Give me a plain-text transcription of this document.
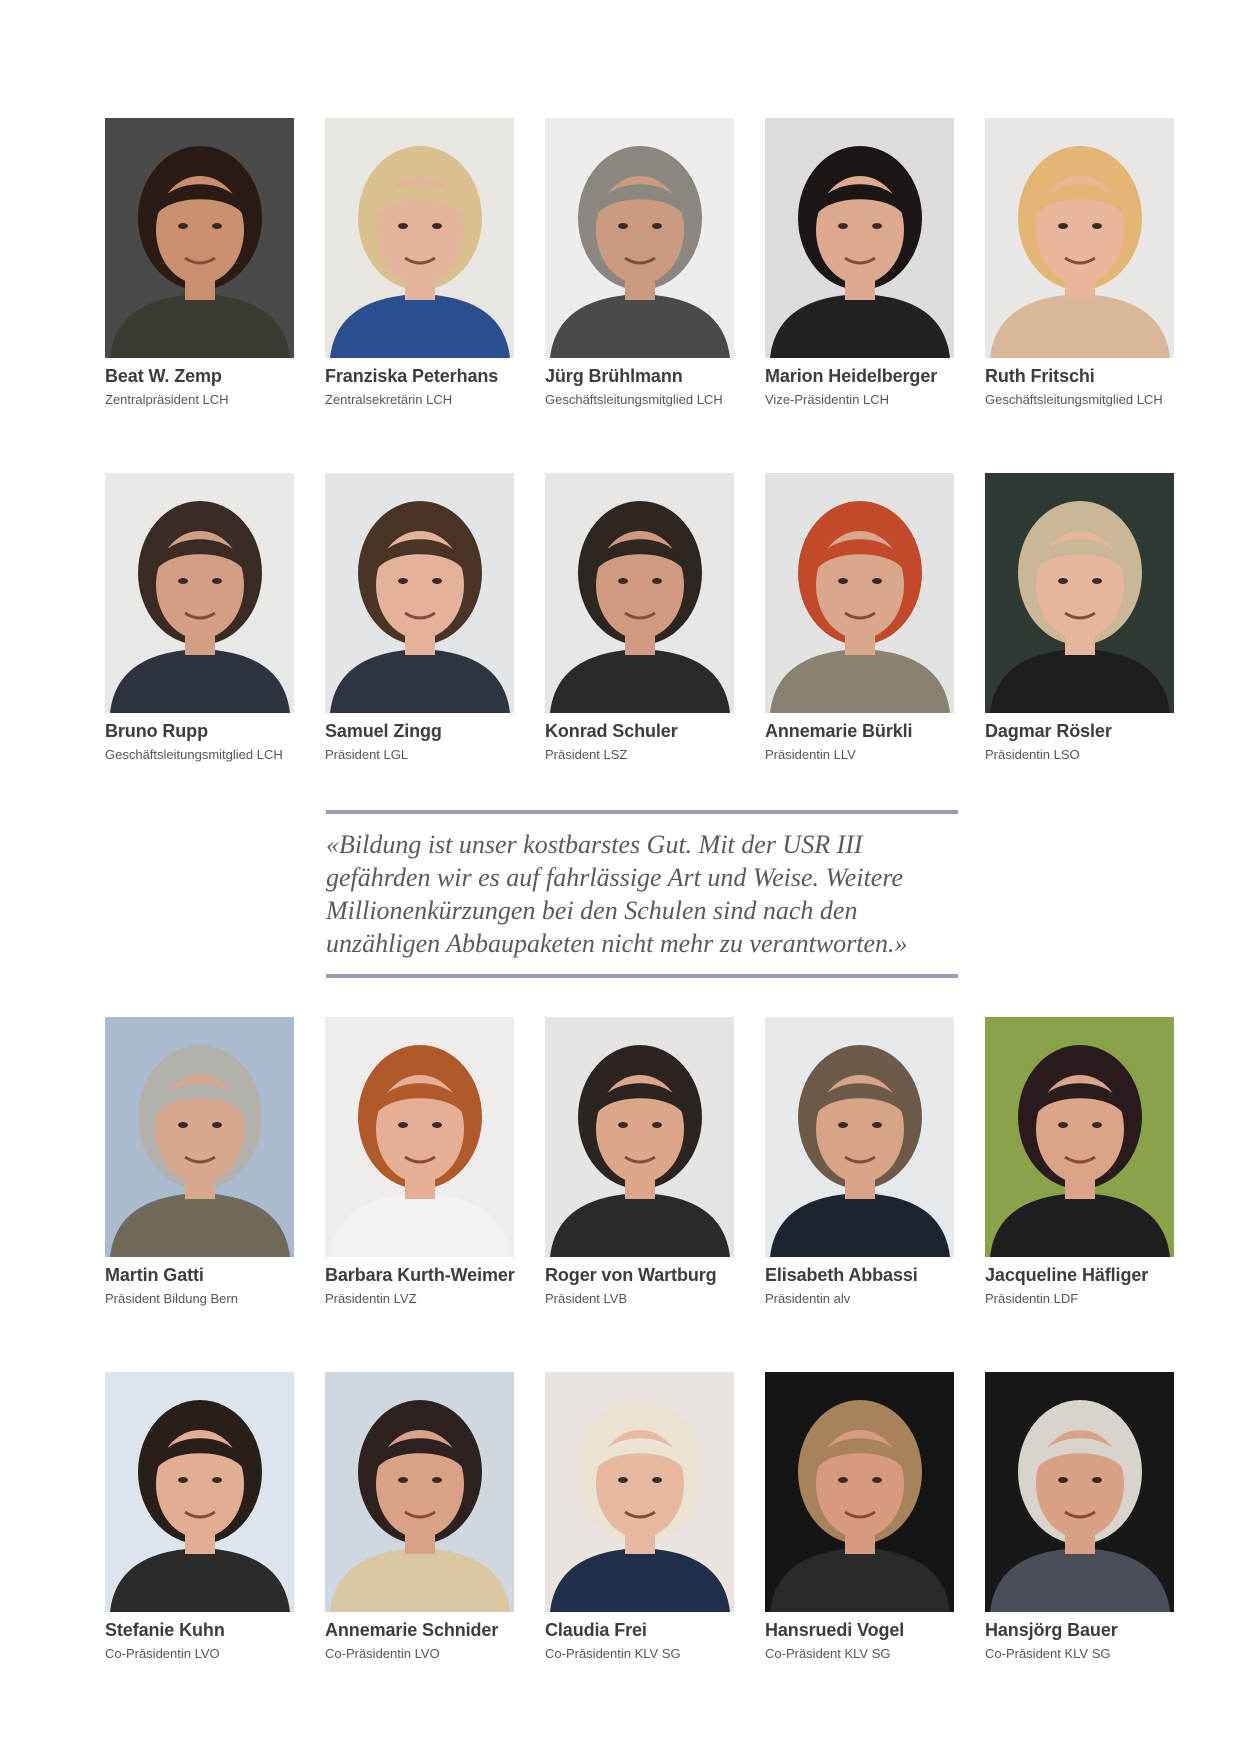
Beat W. Zemp
Zentralpräsident LCH
Franziska Peterhans
Zentralsekretärin LCH
Jürg Brühlmann
Geschäftsleitungsmitglied LCH
Marion Heidelberger
Vize-Präsidentin LCH
Ruth Fritschi
Geschäftsleitungsmitglied LCH
Bruno Rupp
Geschäftsleitungsmitglied LCH
Samuel Zingg
Präsident LGL
Konrad Schuler
Präsident LSZ
Annemarie Bürkli
Präsidentin LLV
Dagmar Rösler
Präsidentin LSO
«Bildung ist unser kostbarstes Gut. Mit der USR III gefährden wir es auf fahrlässige Art und Weise. Weitere Millionenkürzungen bei den Schulen sind nach den unzähligen Abbaupaketen nicht mehr zu verantworten.»
Martin Gatti
Präsident Bildung Bern
Barbara Kurth-Weimer
Präsidentin LVZ
Roger von Wartburg
Präsident LVB
Elisabeth Abbassi
Präsidentin alv
Jacqueline Häfliger
Präsidentin LDF
Stefanie Kuhn
Co-Präsidentin LVO
Annemarie Schnider
Co-Präsidentin LVO
Claudia Frei
Co-Präsidentin KLV SG
Hansruedi Vogel
Co-Präsident KLV SG
Hansjörg Bauer
Co-Präsident KLV SG
